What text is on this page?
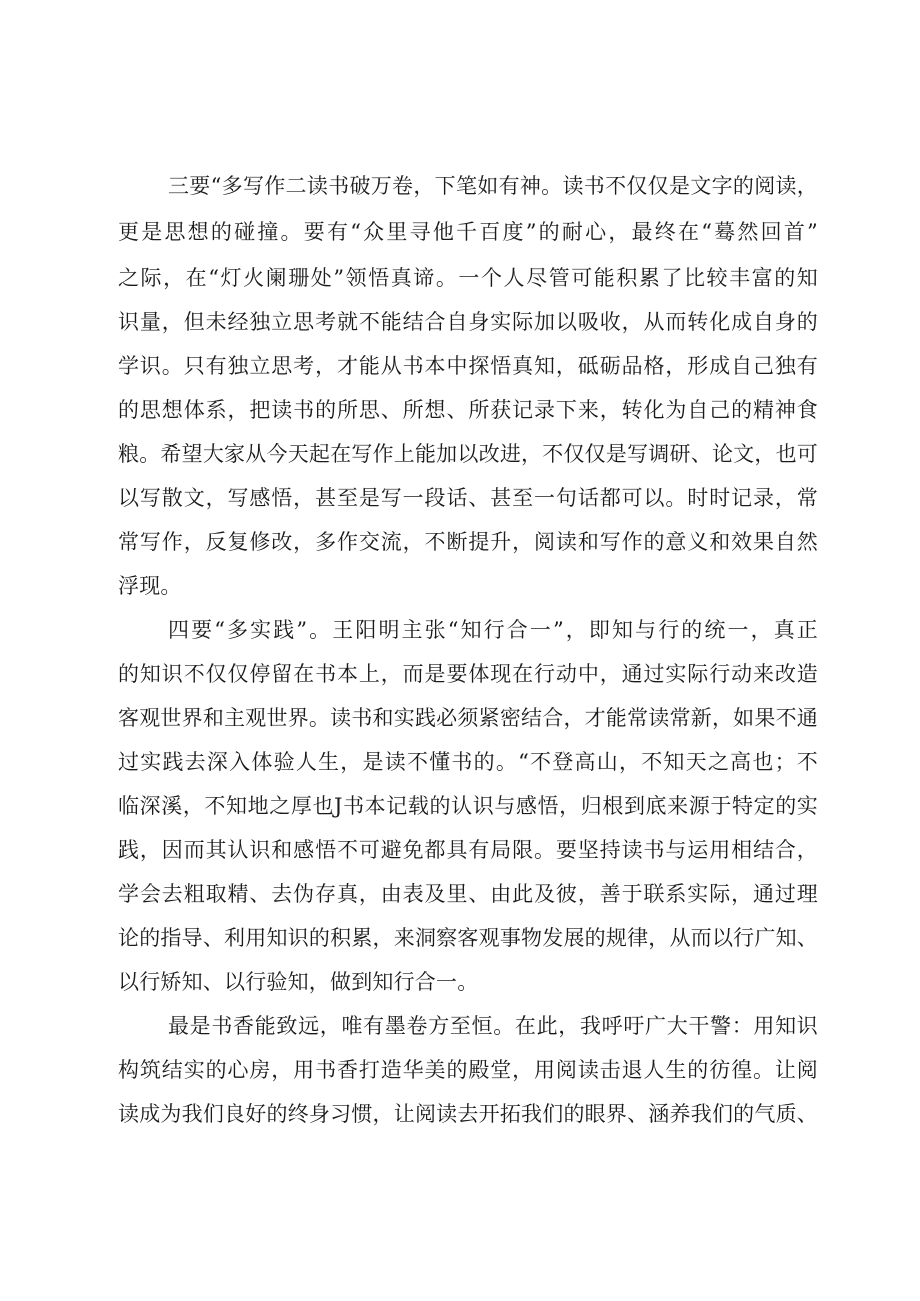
三要“多写作二读书破万卷，下笔如有神。读书不仅仅是文字的阅读，
更是思想的碰撞。要有“众里寻他千百度”的耐心，最终在“蓦然回首”
之际，在“灯火阑珊处”领悟真谛。一个人尽管可能积累了比较丰富的知
识量，但未经独立思考就不能结合自身实际加以吸收，从而转化成自身的
学识。只有独立思考，才能从书本中探悟真知，砥砺品格，形成自己独有
的思想体系，把读书的所思、所想、所获记录下来，转化为自己的精神食
粮。希望大家从今天起在写作上能加以改进，不仅仅是写调研、论文，也可
以写散文，写感悟，甚至是写一段话、甚至一句话都可以。时时记录，常
常写作，反复修改，多作交流，不断提升，阅读和写作的意义和效果自然
浮现。
四要“多实践”。王阳明主张“知行合一”，即知与行的统一，真正
的知识不仅仅停留在书本上，而是要体现在行动中，通过实际行动来改造
客观世界和主观世界。读书和实践必须紧密结合，才能常读常新，如果不通
过实践去深入体验人生，是读不懂书的。“不登高山，不知天之高也；不
临深溪，不知地之厚也J书本记载的认识与感悟，归根到底来源于特定的实
践，因而其认识和感悟不可避免都具有局限。要坚持读书与运用相结合，
学会去粗取精、去伪存真，由表及里、由此及彼，善于联系实际，通过理
论的指导、利用知识的积累，来洞察客观事物发展的规律，从而以行广知、
以行矫知、以行验知，做到知行合一。
最是书香能致远，唯有墨卷方至恒。在此，我呼吁广大干警：用知识
构筑结实的心房，用书香打造华美的殿堂，用阅读击退人生的彷徨。让阅
读成为我们良好的终身习惯，让阅读去开拓我们的眼界、涵养我们的气质、
